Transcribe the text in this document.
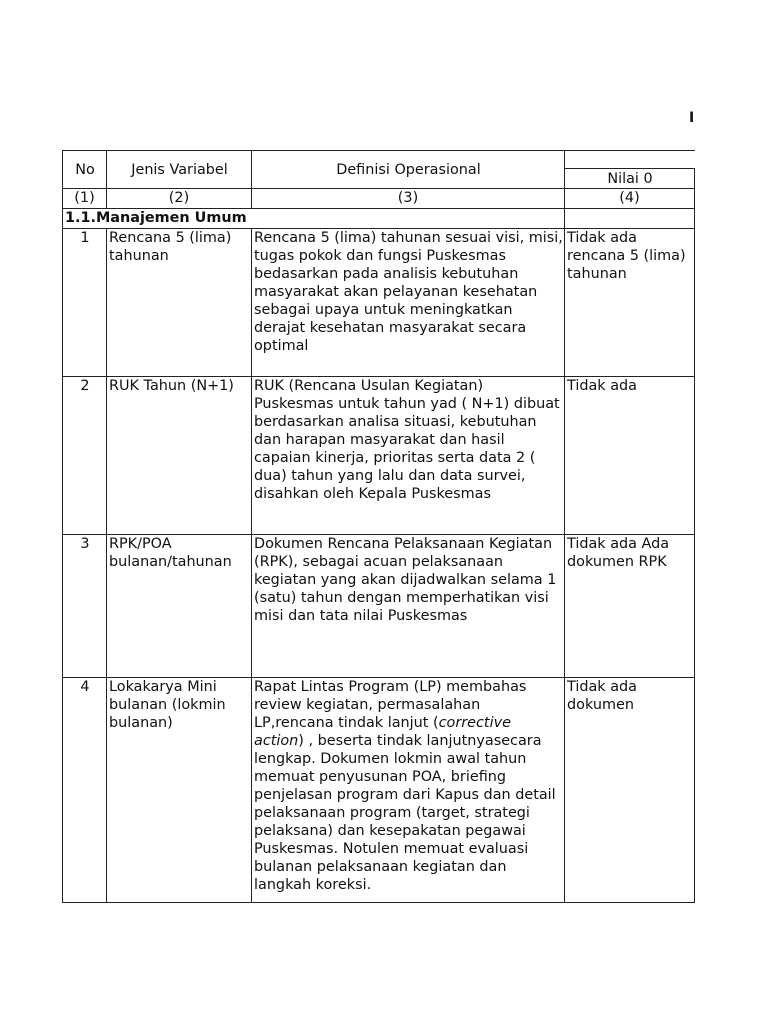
I
No	Jenis Variabel	Definisi Operasional	
			Nilai 0
(1)	(2)	(3)	(4)
1.1.Manajemen Umum			
1	Rencana 5 (lima) tahunan	Rencana 5 (lima) tahunan sesuai visi, misi, tugas pokok dan fungsi Puskesmas bedasarkan pada analisis kebutuhan masyarakat akan pelayanan kesehatan sebagai upaya untuk meningkatkan derajat kesehatan masyarakat secara optimal	Tidak ada rencana 5 (lima) tahunan
2	RUK Tahun (N+1)	RUK (Rencana Usulan Kegiatan) Puskesmas untuk tahun yad ( N+1) dibuat berdasarkan analisa situasi, kebutuhan dan harapan masyarakat dan hasil capaian kinerja, prioritas serta data 2 ( dua) tahun yang lalu dan data survei, disahkan oleh Kepala Puskesmas	Tidak ada
3	RPK/POA bulanan/tahunan	Dokumen Rencana Pelaksanaan Kegiatan (RPK), sebagai acuan pelaksanaan kegiatan yang akan dijadwalkan selama 1 (satu) tahun dengan memperhatikan visi misi dan tata nilai Puskesmas	Tidak ada Ada dokumen RPK
4	Lokakarya Mini bulanan (lokmin bulanan)	Rapat Lintas Program (LP) membahas review kegiatan, permasalahan LP,rencana tindak lanjut (corrective action) , beserta tindak lanjutnyasecara lengkap. Dokumen lokmin awal tahun memuat penyusunan POA, briefing penjelasan program dari Kapus dan detail pelaksanaan program (target, strategi pelaksana) dan kesepakatan pegawai Puskesmas. Notulen memuat evaluasi bulanan pelaksanaan kegiatan dan langkah koreksi.	Tidak ada dokumen
